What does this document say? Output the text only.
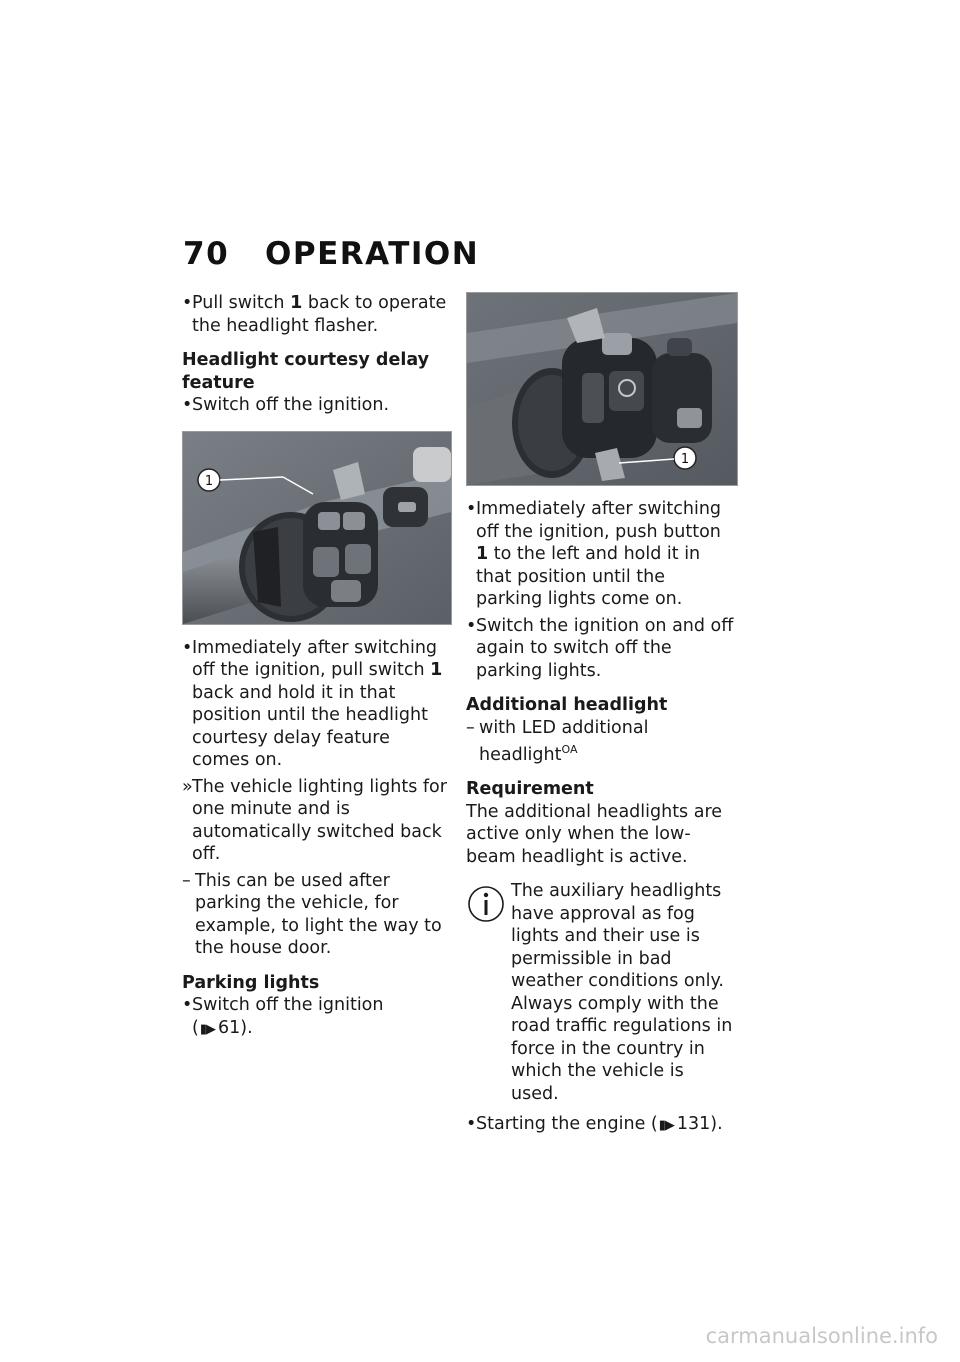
70 OPERATION
• Pull switch 1 back to operate the headlight flasher.
Headlight courtesy delay feature
• Switch off the ignition.
1
• Immediately after switching off the ignition, pull switch 1 back and hold it in that position until the headlight courtesy delay feature comes on.
» The vehicle lighting lights for one minute and is automatically switched back off.
– This can be used after parking the vehicle, for example, to light the way to the house door.
Parking lights
• Switch off the ignition
(▮▶ 61).
1
• Immediately after switching off the ignition, push button 1 to the left and hold it in that position until the parking lights come on.
• Switch the ignition on and off again to switch off the parking lights.
Additional headlight
– with LED additional headlight$^{OA}$
Requirement
The additional headlights are active only when the low-beam headlight is active.
The auxiliary headlights have approval as fog lights and their use is permissible in bad weather conditions only. Always comply with the road traffic regulations in force in the country in which the vehicle is used.
• Starting the engine (▮▶ 131).
carmanualsonline.info
